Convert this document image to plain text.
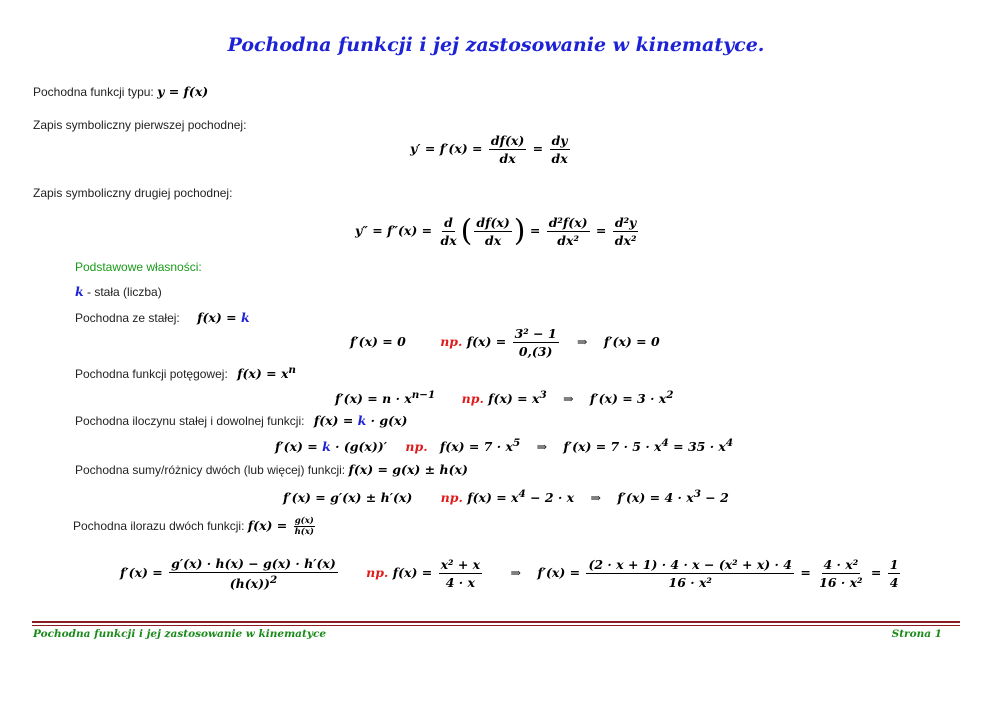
Pochodna funkcji i jej zastosowanie w kinematyce.
Pochodna funkcji typu: y = f(x)
Zapis symboliczny pierwszej pochodnej:
$y' = f'(x) = \frac{df(x)}{dx} = \frac{dy}{dx}$
Zapis symboliczny drugiej pochodnej:
$y'' = f''(x) = \frac{d}{dx}$ ( $\frac{df(x)}{dx}$ ) = $\frac{\text{d²f(x)}}{\text{dx²}} = \frac{\text{d²y}}{\text{dx²}}$
Podstawowe własności:
k - stała (liczba)
Pochodna ze stałej: f(x) = k
f′(x) = 0	np. $f(x) = \frac{\text{3² − 1}}{0,(3)}$ ⇒ f′(x) = 0
Pochodna funkcji potęgowej: $f(x) = x^n$
$f'(x) = n \cdot x^{n-1}$ np. $f(x) = x^3$ ⇒ $f'(x) = 3 \cdot x^2$
Pochodna iloczynu stałej i dowolnej funkcji: f(x) = k · g(x)
f′(x) = k · (g(x))′ np. $f(x) = 7 \cdot x^5$ ⇒ $f'(x) = 7 \cdot 5 \cdot x^4 = 35 \cdot x^4$
Pochodna sumy/różnicy dwóch (lub więcej) funkcji: f(x) = g(x) ± h(x)
f′(x) = g′(x) ± h′(x) np. $f(x) = x^4 - 2 \cdot x$ ⇒ $f'(x) = 4 \cdot x^3 - 2$
Pochodna ilorazu dwóch funkcji: $f(x) = \frac{g(x)}{h(x)}$
$f'(x) = \frac{g'(x) \cdot h(x) - g(x) \cdot h'(x)}{(h(x))^2}$ np. $f(x) = \frac{\text{x² + x}}{4 \cdot x}$ ⇒ $f'(x) = \frac{\text{(2 · x + 1) · 4 · x − (x² + x) · 4}}{\text{16 · x²}} = \frac{\text{4 · x²}}{\text{16 · x²}} = \frac{1}{4}$
Pochodna funkcji i jej zastosowanie w kinematyce	Strona 1
